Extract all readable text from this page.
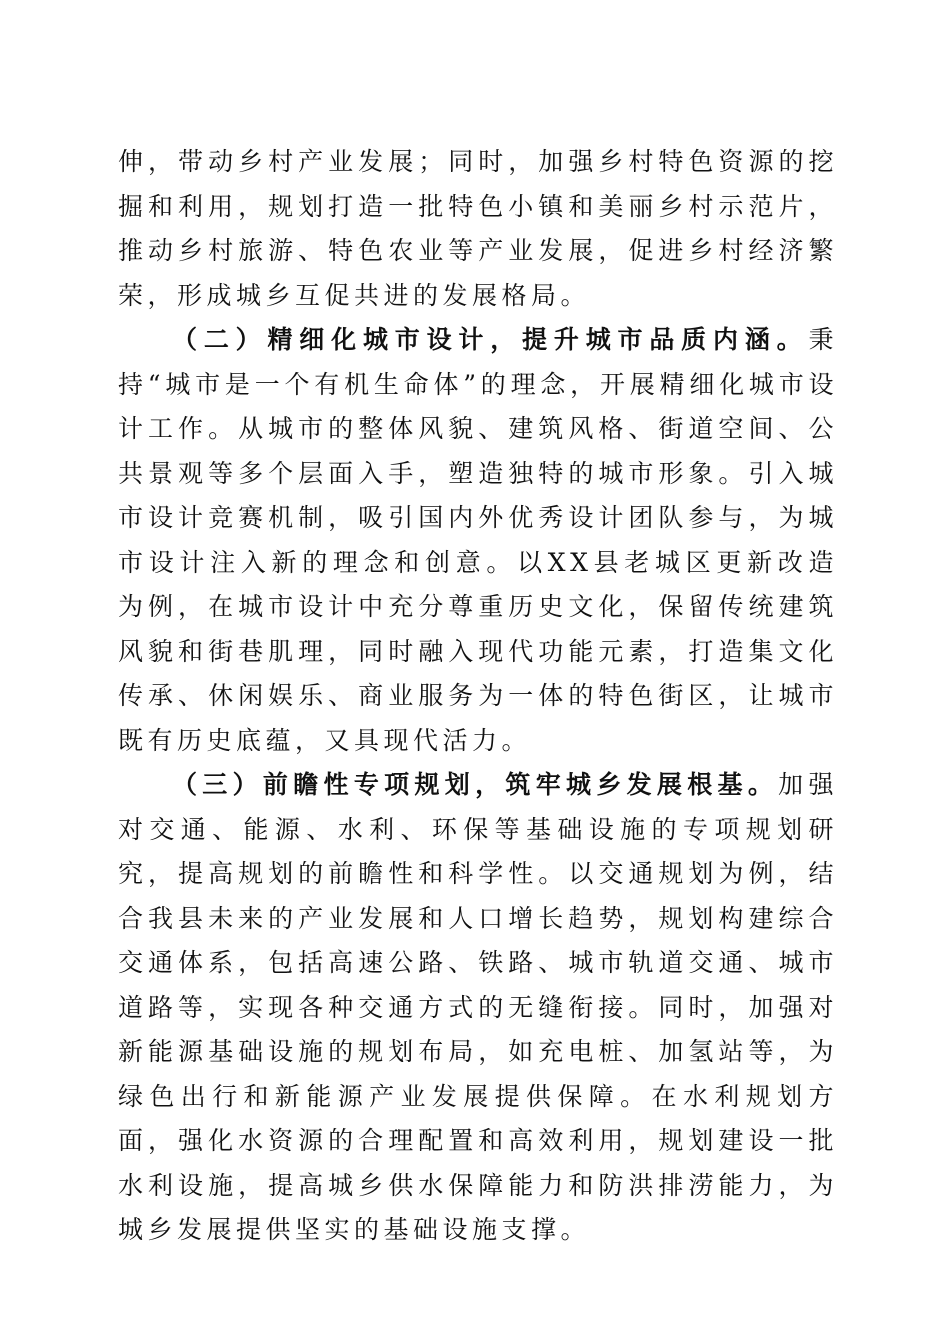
伸，带动乡村产业发展；同时，加强乡村特色资源的挖掘和利用，规划打造一批特色小镇和美丽乡村示范片，推动乡村旅游、特色农业等产业发展，促进乡村经济繁荣，形成城乡互促共进的发展格局。

（二）精细化城市设计，提升城市品质内涵。秉持“城市是一个有机生命体”的理念，开展精细化城市设计工作。从城市的整体风貌、建筑风格、街道空间、公共景观等多个层面入手，塑造独特的城市形象。引入城市设计竞赛机制，吸引国内外优秀设计团队参与，为城市设计注入新的理念和创意。以XX县老城区更新改造为例，在城市设计中充分尊重历史文化，保留传统建筑风貌和街巷肌理，同时融入现代功能元素，打造集文化传承、休闲娱乐、商业服务为一体的特色街区，让城市既有历史底蕴，又具现代活力。

（三）前瞻性专项规划，筑牢城乡发展根基。加强对交通、能源、水利、环保等基础设施的专项规划研究，提高规划的前瞻性和科学性。以交通规划为例，结合我县未来的产业发展和人口增长趋势，规划构建综合交通体系，包括高速公路、铁路、城市轨道交通、城市道路等，实现各种交通方式的无缝衔接。同时，加强对新能源基础设施的规划布局，如充电桩、加氢站等，为绿色出行和新能源产业发展提供保障。在水利规划方面，强化水资源的合理配置和高效利用，规划建设一批水利设施，提高城乡供水保障能力和防洪排涝能力，为城乡发展提供坚实的基础设施支撑。
